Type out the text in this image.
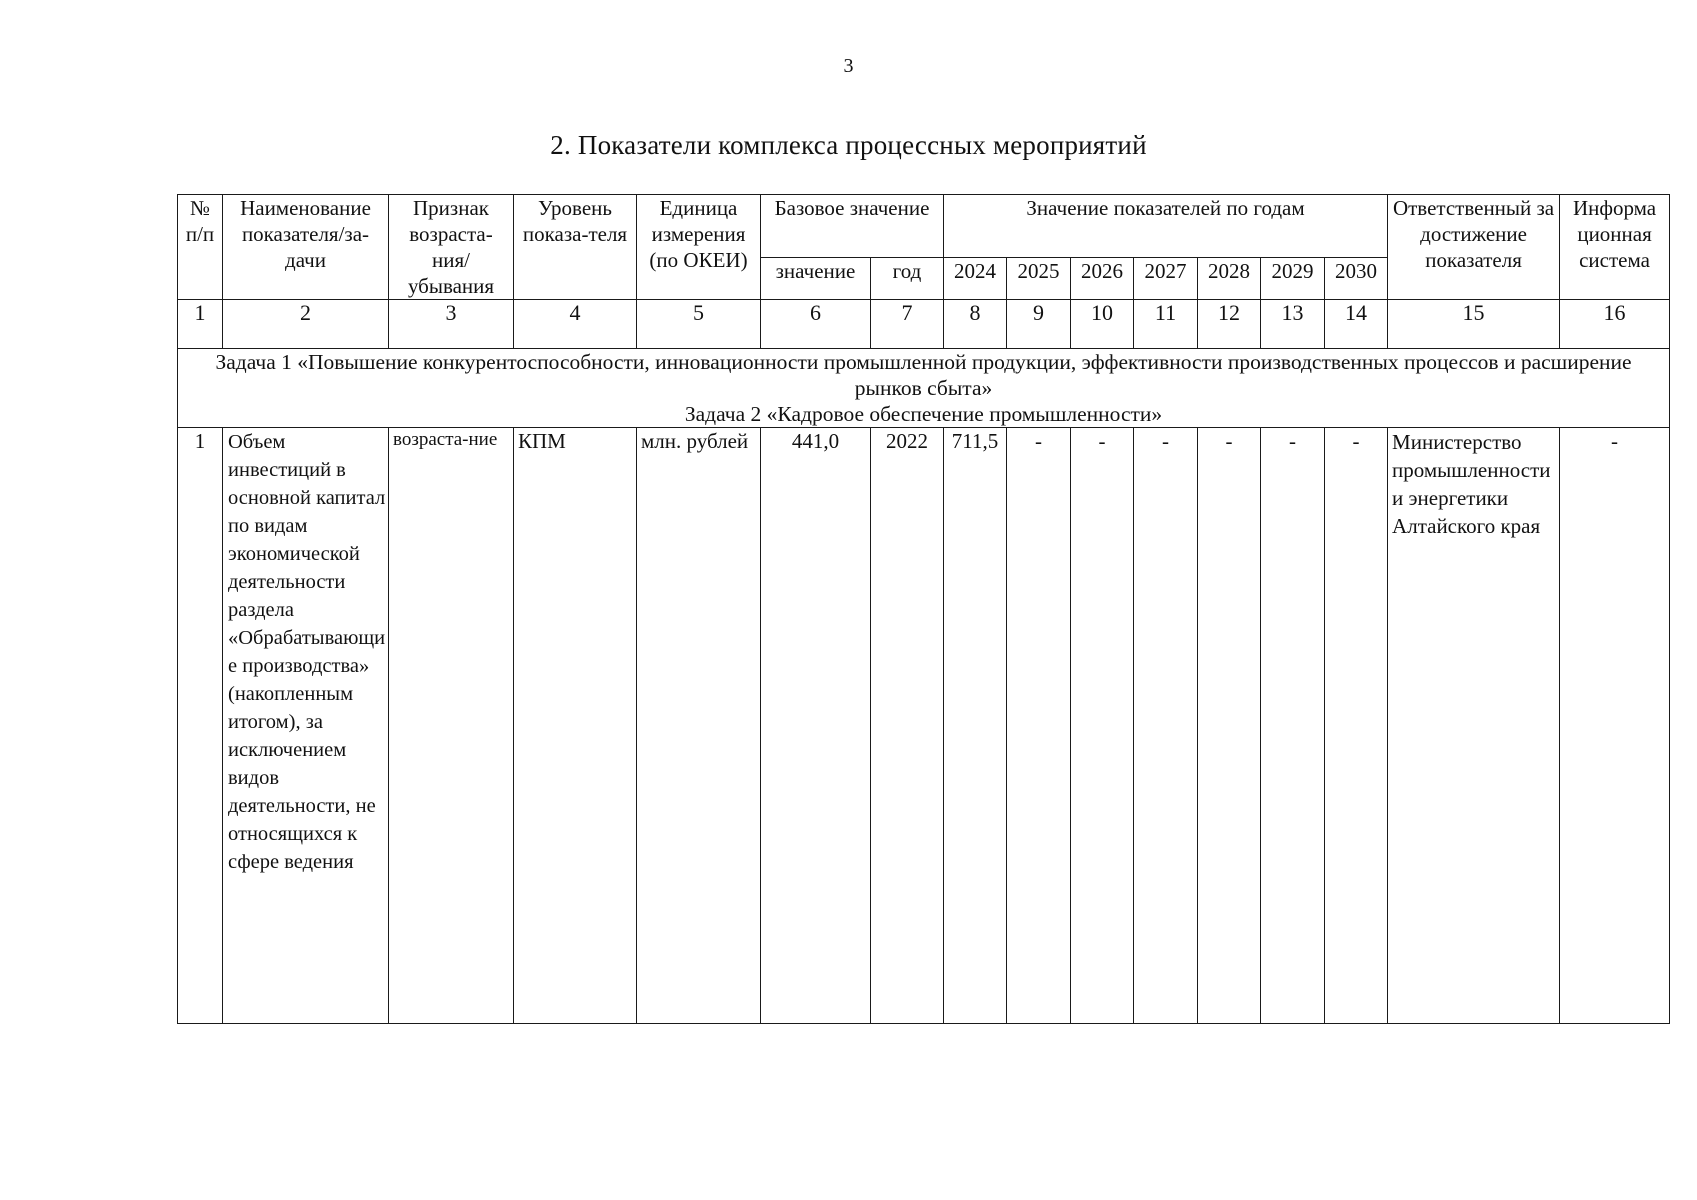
3
2. Показатели комплекса процессных мероприятий
№ п/п	Наименование показателя/за-дачи	Признак возраста-ния/ убывания	Уровень показа-теля	Единица измерения (по ОКЕИ)	Базовое значение		Значение показателей по годам							Ответственный за достижение показателя	Информа ционная система
					значение	год	2024	2025	2026	2027	2028	2029	2030		
1	2	3	4	5	6	7	8	9	10	11	12	13	14	15	16

Задача 1 «Повышение конкурентоспособности, инновационности промышленной продукции, эффективности производственных процессов и расширение рынков сбыта»
Задача 2 «Кадровое обеспечение промышленности»															

1	Объем инвестиций в основной капитал по видам экономической деятельности раздела «Обрабатывающие производства» (накопленным итогом), за исключением видов деятельности, не относящихся к сфере ведения	возраста-ние	КПМ	млн. рублей	441,0	2022	711,5	-	-	-	-	-	-	Министерство промышленности и энергетики Алтайского края	-
